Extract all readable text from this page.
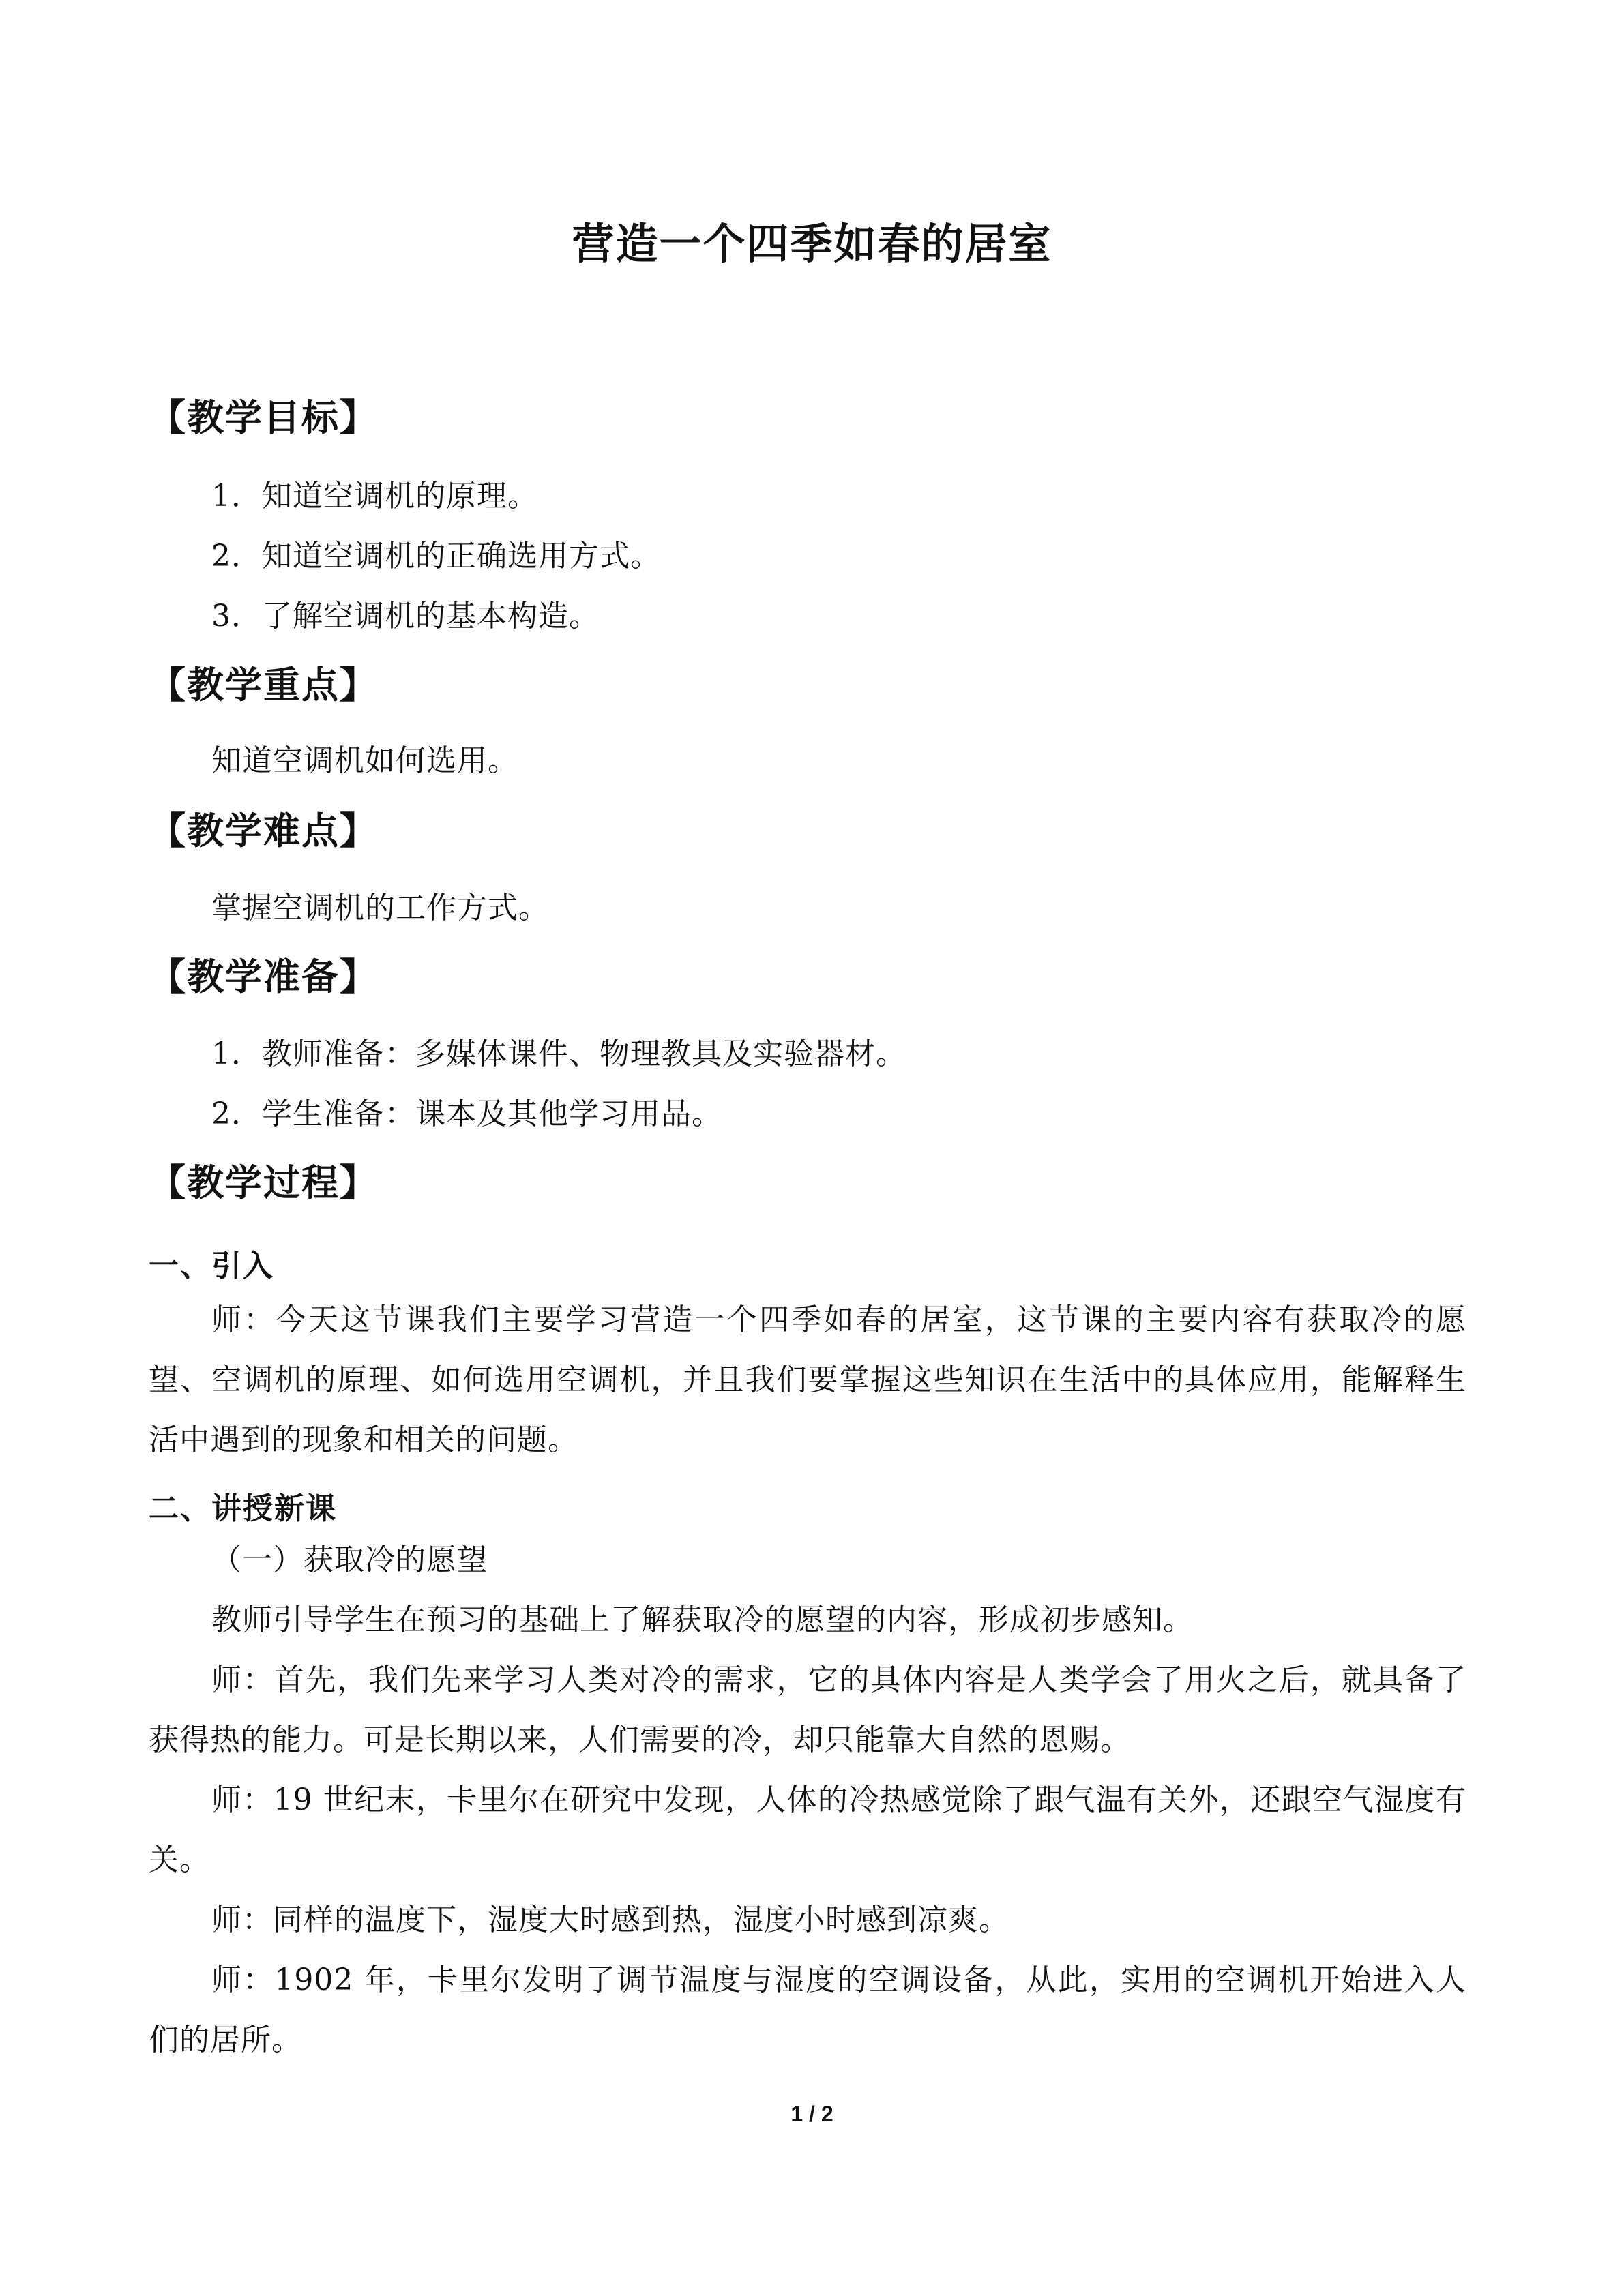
营造一个四季如春的居室
【教学目标】
1．知道空调机的原理。
2．知道空调机的正确选用方式。
3．了解空调机的基本构造。
【教学重点】
知道空调机如何选用。
【教学难点】
掌握空调机的工作方式。
【教学准备】
1．教师准备：多媒体课件、物理教具及实验器材。
2．学生准备：课本及其他学习用品。
【教学过程】
一、引入
师：今天这节课我们主要学习营造一个四季如春的居室，这节课的主要内容有获取冷的愿望、空调机的原理、如何选用空调机，并且我们要掌握这些知识在生活中的具体应用，能解释生活中遇到的现象和相关的问题。
二、讲授新课
（一）获取冷的愿望
教师引导学生在预习的基础上了解获取冷的愿望的内容，形成初步感知。
师：首先，我们先来学习人类对冷的需求，它的具体内容是人类学会了用火之后，就具备了获得热的能力。可是长期以来，人们需要的冷，却只能靠大自然的恩赐。
师：19 世纪末，卡里尔在研究中发现，人体的冷热感觉除了跟气温有关外，还跟空气湿度有关。
师：同样的温度下，湿度大时感到热，湿度小时感到凉爽。
师：1902 年，卡里尔发明了调节温度与湿度的空调设备，从此，实用的空调机开始进入人们的居所。
1 / 2
